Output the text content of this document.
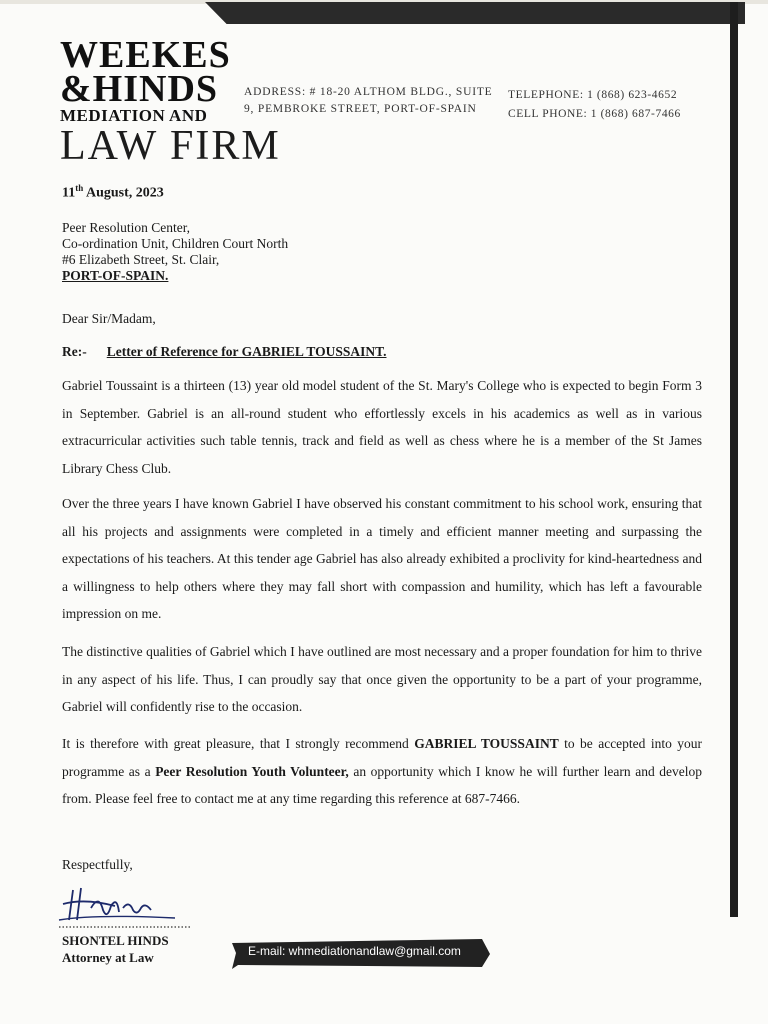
WEEKES
&HINDS
MEDIATION AND
LAW FIRM
ADDRESS: # 18-20 ALTHOM BLDG., SUITE
9, PEMBROKE STREET, PORT-OF-SPAIN
TELEPHONE: 1 (868) 623-4652
CELL PHONE: 1 (868) 687-7466
11th August, 2023
Peer Resolution Center,
Co-ordination Unit, Children Court North
#6 Elizabeth Street, St. Clair,
PORT-OF-SPAIN.
Dear Sir/Madam,
Re:- Letter of Reference for GABRIEL TOUSSAINT.
Gabriel Toussaint is a thirteen (13) year old model student of the St. Mary's College who is expected to begin Form 3 in September. Gabriel is an all-round student who effortlessly excels in his academics as well as in various extracurricular activities such table tennis, track and field as well as chess where he is a member of the St James Library Chess Club.
Over the three years I have known Gabriel I have observed his constant commitment to his school work, ensuring that all his projects and assignments were completed in a timely and efficient manner meeting and surpassing the expectations of his teachers. At this tender age Gabriel has also already exhibited a proclivity for kind-heartedness and a willingness to help others where they may fall short with compassion and humility, which has left a favourable impression on me.
The distinctive qualities of Gabriel which I have outlined are most necessary and a proper foundation for him to thrive in any aspect of his life. Thus, I can proudly say that once given the opportunity to be a part of your programme, Gabriel will confidently rise to the occasion.
It is therefore with great pleasure, that I strongly recommend GABRIEL TOUSSAINT to be accepted into your programme as a Peer Resolution Youth Volunteer, an opportunity which I know he will further learn and develop from. Please feel free to contact me at any time regarding this reference at 687-7466.
Respectfully,
SHONTEL HINDS
Attorney at Law	E-mail: whmediationandlaw@gmail.com
